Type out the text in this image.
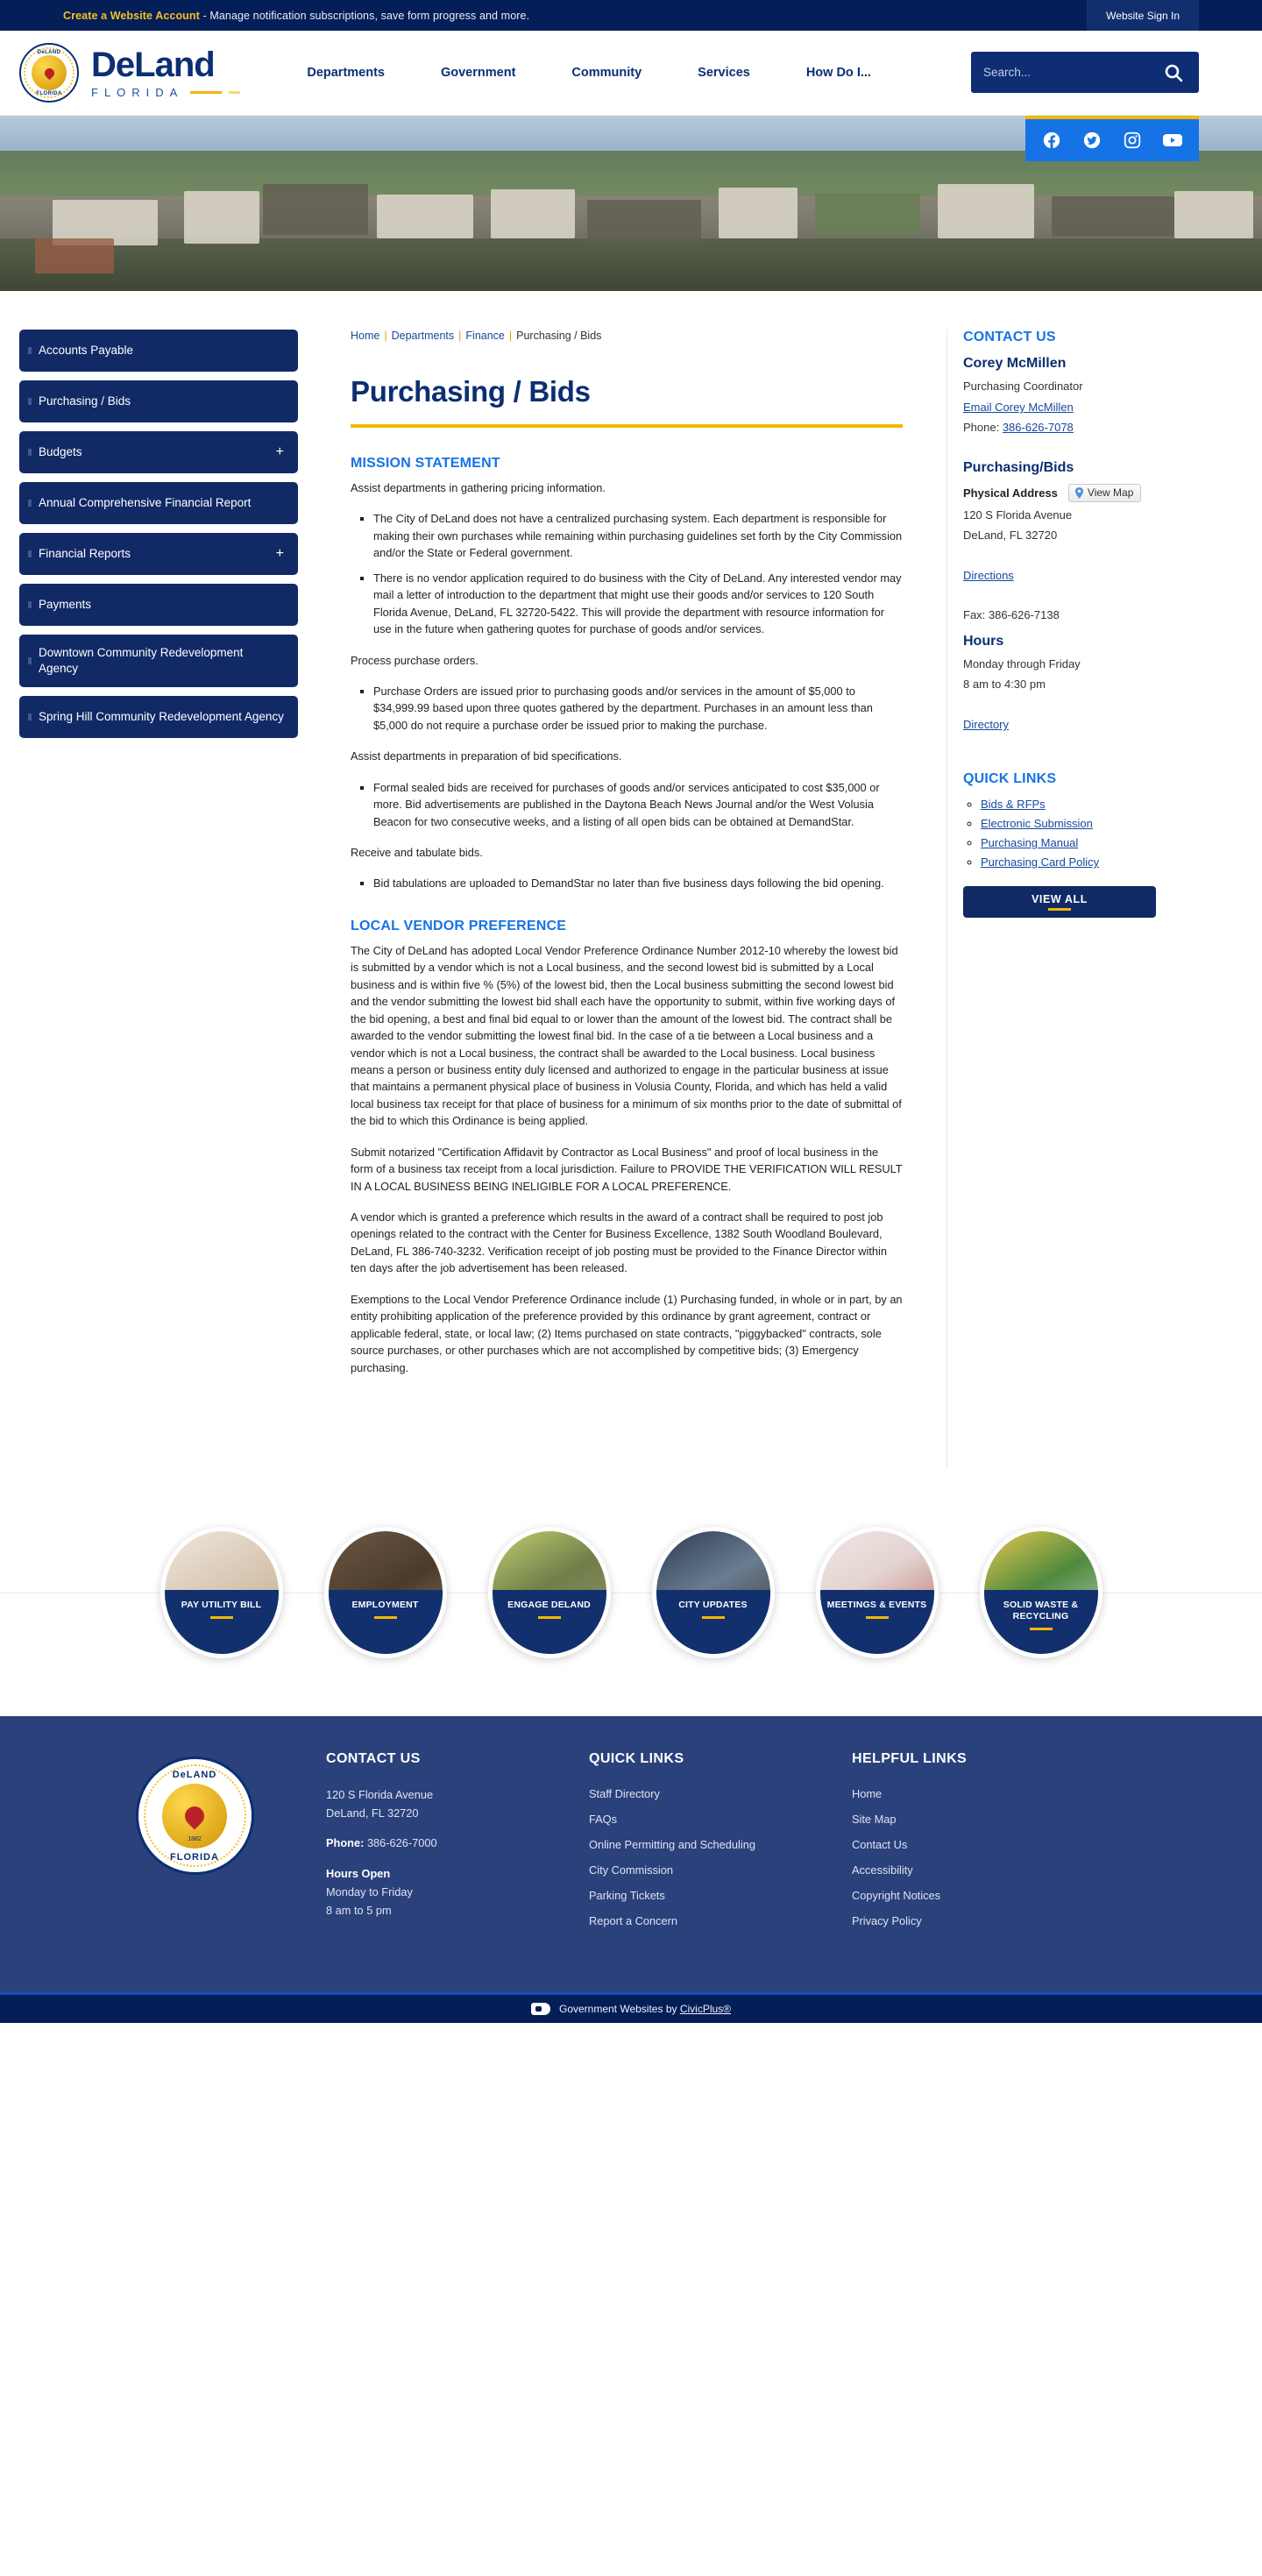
Create a Website Account - Manage notification subscriptions, save form progress and more.	Website Sign In
DeLAND
FLORIDA
DeLand
FLORIDA
Departments	Government	Community	Services	How Do I...
Search...
Accounts Payable
Purchasing / Bids
Budgets	+
Annual Comprehensive Financial Report
Financial Reports	+
Payments
Downtown Community Redevelopment Agency
Spring Hill Community Redevelopment Agency
Home | Departments | Finance | Purchasing / Bids
Purchasing / Bids
MISSION STATEMENT

Assist departments in gathering pricing information.

▪ The City of DeLand does not have a centralized purchasing system. Each department is responsible for making their own purchases while remaining within purchasing guidelines set forth by the City Commission and/or the State or Federal government.
▪ There is no vendor application required to do business with the City of DeLand. Any interested vendor may mail a letter of introduction to the department that might use their goods and/or services to 120 South Florida Avenue, DeLand, FL 32720-5422. This will provide the department with resource information for use in the future when gathering quotes for purchase of goods and/or services.

Process purchase orders.

▪ Purchase Orders are issued prior to purchasing goods and/or services in the amount of $5,000 to $34,999.99 based upon three quotes gathered by the department. Purchases in an amount less than $5,000 do not require a purchase order be issued prior to making the purchase.

Assist departments in preparation of bid specifications.

▪ Formal sealed bids are received for purchases of goods and/or services anticipated to cost $35,000 or more. Bid advertisements are published in the Daytona Beach News Journal and/or the West Volusia Beacon for two consecutive weeks, and a listing of all open bids can be obtained at DemandStar.

Receive and tabulate bids.

▪ Bid tabulations are uploaded to DemandStar no later than five business days following the bid opening.
LOCAL VENDOR PREFERENCE

The City of DeLand has adopted Local Vendor Preference Ordinance Number 2012-10 whereby the lowest bid is submitted by a vendor which is not a Local business, and the second lowest bid is submitted by a Local business and is within five % (5%) of the lowest bid, then the Local business submitting the second lowest bid and the vendor submitting the lowest bid shall each have the opportunity to submit, within five working days of the bid opening, a best and final bid equal to or lower than the amount of the lowest bid. The contract shall be awarded to the vendor submitting the lowest final bid. In the case of a tie between a Local business and a vendor which is not a Local business, the contract shall be awarded to the Local business. Local business means a person or business entity duly licensed and authorized to engage in the particular business at issue that maintains a permanent physical place of business in Volusia County, Florida, and which has held a valid local business tax receipt for that place of business for a minimum of six months prior to the date of submittal of the bid to which this Ordinance is being applied.

Submit notarized "Certification Affidavit by Contractor as Local Business" and proof of local business in the form of a business tax receipt from a local jurisdiction. Failure to PROVIDE THE VERIFICATION WILL RESULT IN A LOCAL BUSINESS BEING INELIGIBLE FOR A LOCAL PREFERENCE.

A vendor which is granted a preference which results in the award of a contract shall be required to post job openings related to the contract with the Center for Business Excellence, 1382 South Woodland Boulevard, DeLand, FL 386-740-3232. Verification receipt of job posting must be provided to the Finance Director within ten days after the job advertisement has been released.

Exemptions to the Local Vendor Preference Ordinance include (1) Purchasing funded, in whole or in part, by an entity prohibiting application of the preference provided by this ordinance by grant agreement, contract or applicable federal, state, or local law; (2) Items purchased on state contracts, "piggybacked" contracts, sole source purchases, or other purchases which are not accomplished by competitive bids; (3) Emergency purchasing.

CONTACT US
Corey McMillen
Purchasing Coordinator
Email Corey McMillen
Phone: 386-626-7078
Purchasing/Bids
Physical Address	View Map
120 S Florida Avenue
DeLand, FL 32720
Directions
Fax: 386-626-7138
Hours
Monday through Friday
8 am to 4:30 pm
Directory
QUICK LINKS
◦ Bids & RFPs
◦ Electronic Submission
◦ Purchasing Manual
◦ Purchasing Card Policy
VIEW ALL
PAY UTILITY BILL	EMPLOYMENT	ENGAGE DELAND	CITY UPDATES	MEETINGS & EVENTS	SOLID WASTE & RECYCLING
DeLAND
1882
FLORIDA
CONTACT US
120 S Florida Avenue
DeLand, FL 32720
Phone: 386-626-7000
Hours Open
Monday to Friday
8 am to 5 pm
QUICK LINKS
Staff Directory
FAQs
Online Permitting and Scheduling
City Commission
Parking Tickets
Report a Concern
HELPFUL LINKS
Home
Site Map
Contact Us
Accessibility
Copyright Notices
Privacy Policy
Government Websites by CivicPlus®
